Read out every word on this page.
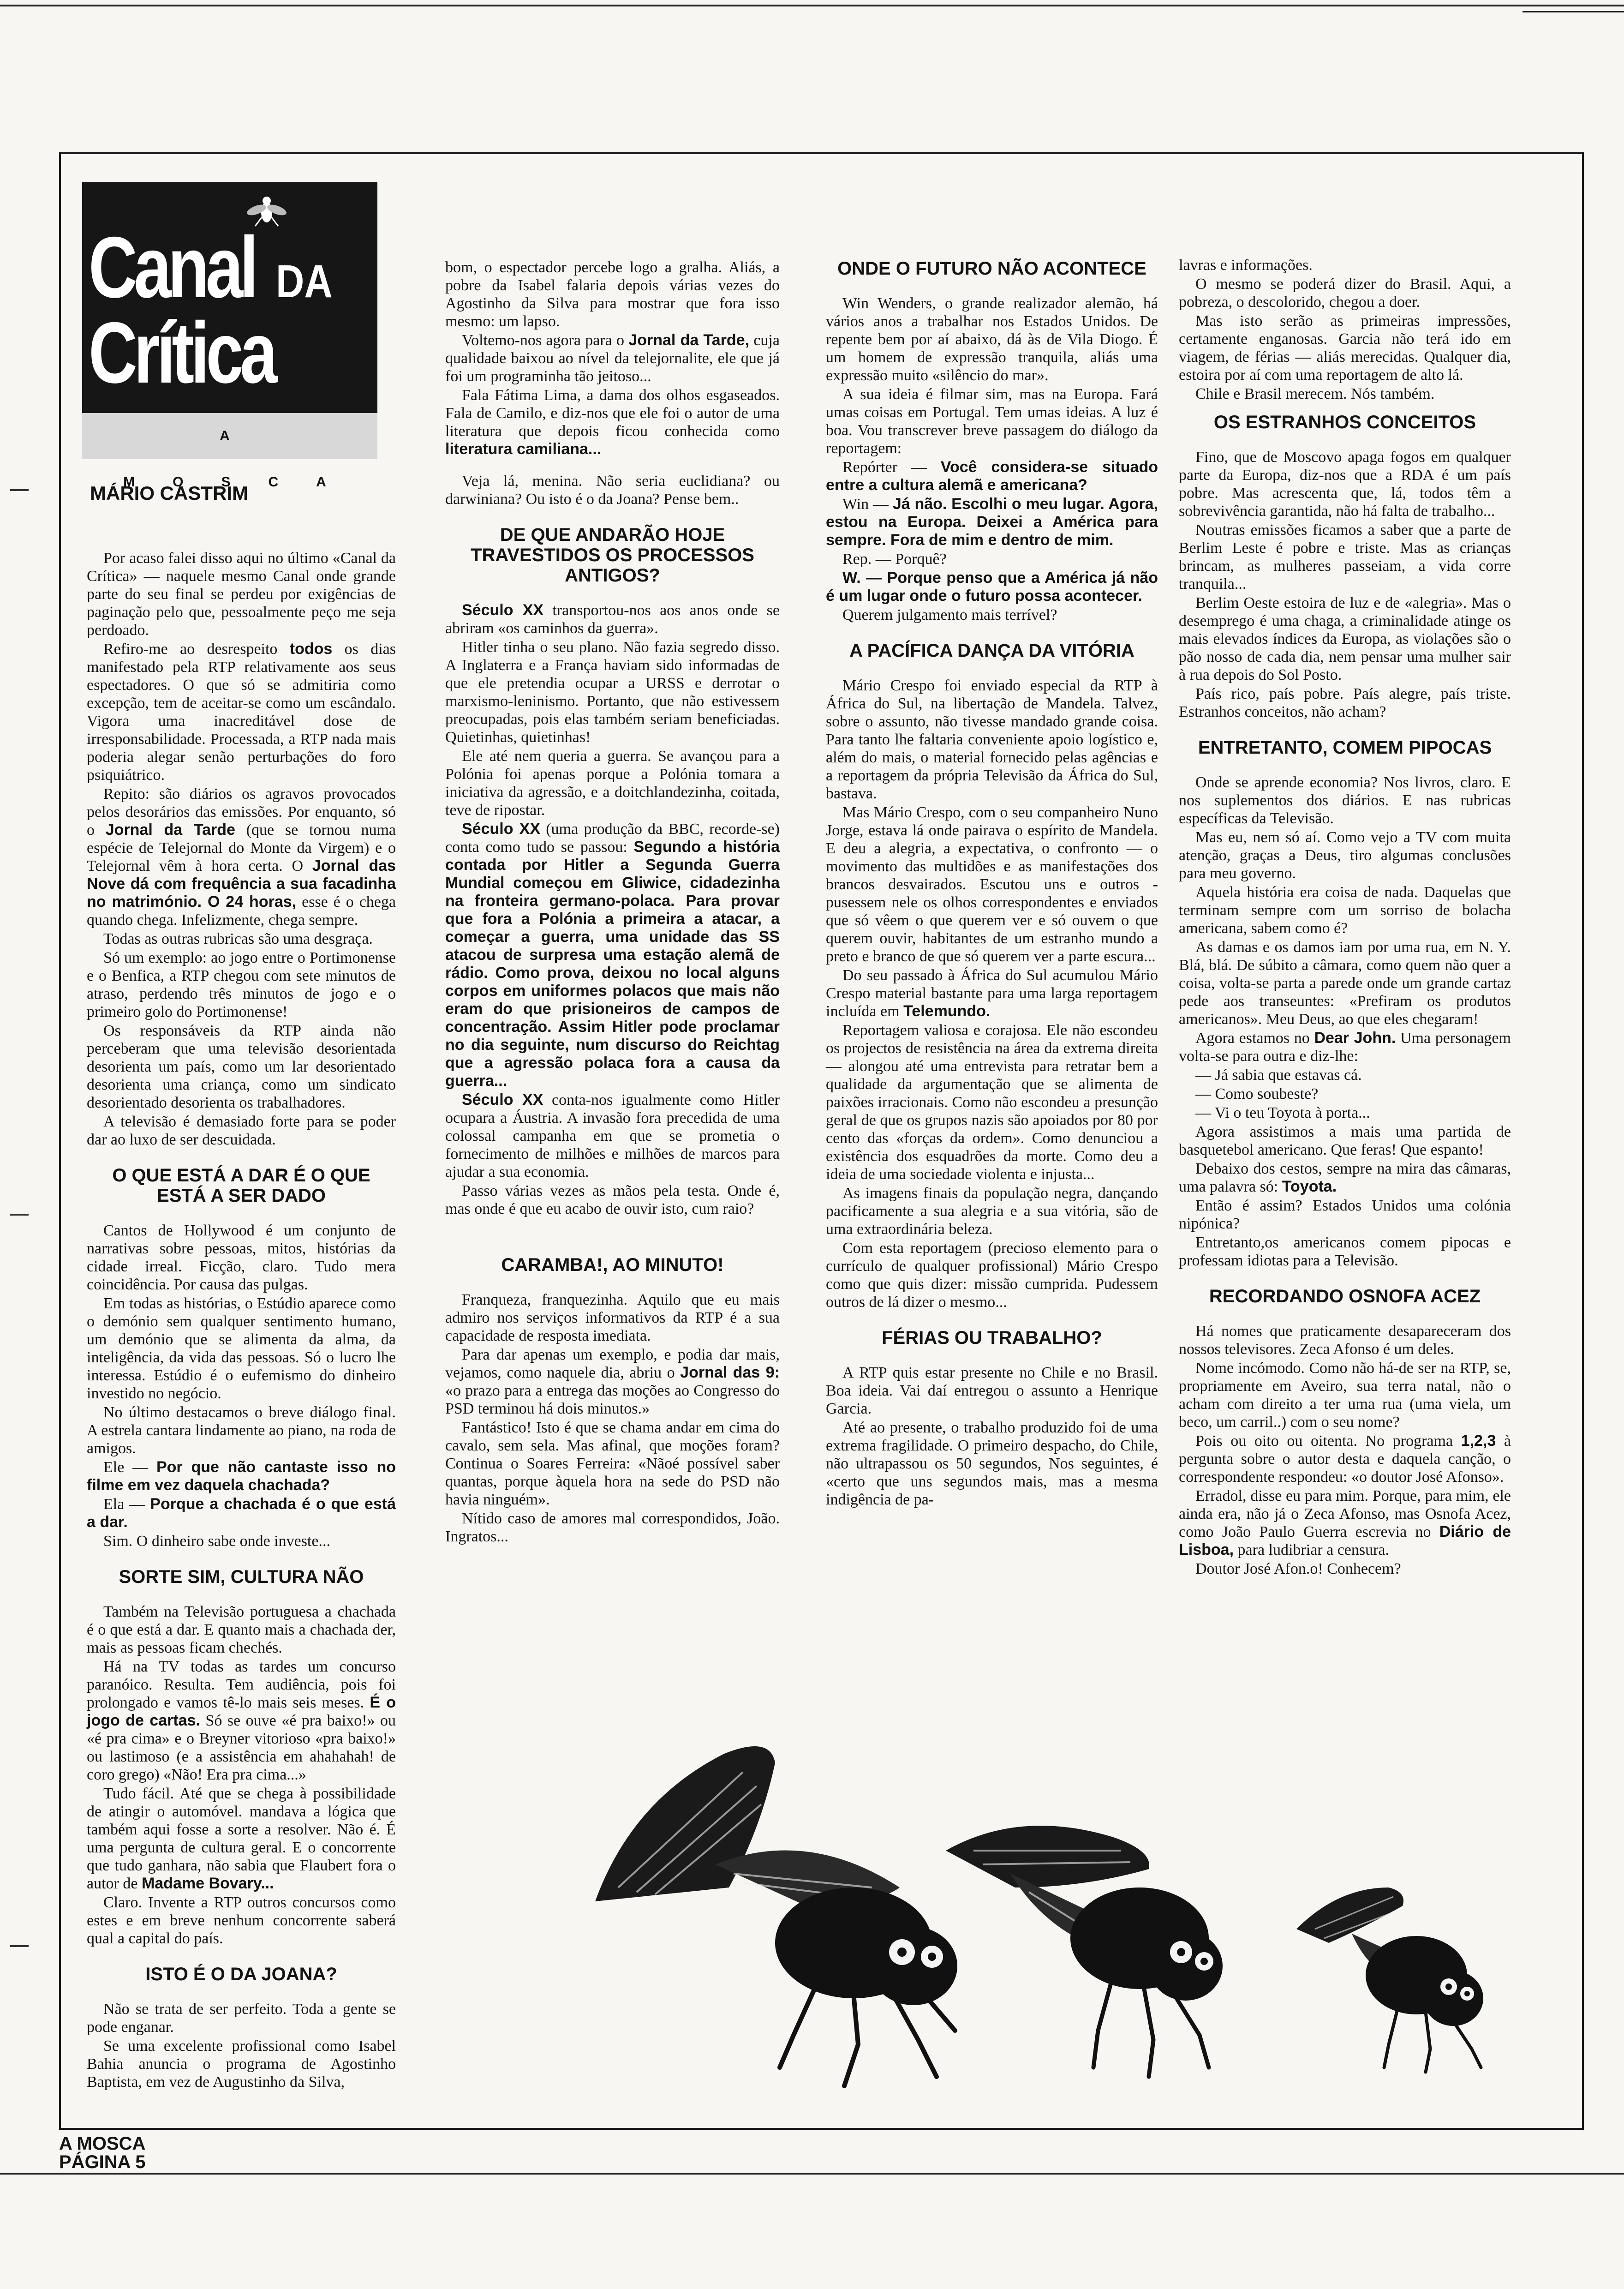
Canal DA
Crítica
A MOSCA
MÁRIO CASTRIM

Por acaso falei disso aqui no último «Canal da Crítica» — naquele mesmo Canal onde grande parte do seu final se perdeu por exigências de paginação pelo que, pessoalmente peço me seja perdoado.

Refiro-me ao desrespeito todos os dias manifestado pela RTP relativamente aos seus espectadores. O que só se admitiria como excepção, tem de aceitar-se como um escândalo. Vigora uma inacreditável dose de irresponsabilidade. Processada, a RTP nada mais poderia alegar senão perturbações do foro psiquiátrico.

Repito: são diários os agravos provocados pelos desorários das emissões. Por enquanto, só o Jornal da Tarde (que se tornou numa espécie de Telejornal do Monte da Virgem) e o Telejornal vêm à hora certa. O Jornal das Nove dá com frequência a sua facadinha no matrimónio. O 24 horas, esse é o chega quando chega. Infelizmente, chega sempre.

Todas as outras rubricas são uma desgraça.

Só um exemplo: ao jogo entre o Portimonense e o Benfica, a RTP chegou com sete minutos de atraso, perdendo três minutos de jogo e o primeiro golo do Portimonense!

Os responsáveis da RTP ainda não perceberam que uma televisão desorientada desorienta um país, como um lar desorientado desorienta uma criança, como um sindicato desorientado desorienta os trabalhadores.

A televisão é demasiado forte para se poder dar ao luxo de ser descuidada.

O QUE ESTÁ A DAR É O QUE ESTÁ A SER DADO

Cantos de Hollywood é um conjunto de narrativas sobre pessoas, mitos, histórias da cidade irreal. Ficção, claro. Tudo mera coincidência. Por causa das pulgas.

Em todas as histórias, o Estúdio aparece como o demónio sem qualquer sentimento humano, um demónio que se alimenta da alma, da inteligência, da vida das pessoas. Só o lucro lhe interessa. Estúdio é o eufemismo do dinheiro investido no negócio.

No último destacamos o breve diálogo final. A estrela cantara lindamente ao piano, na roda de amigos.

Ele — Por que não cantaste isso no filme em vez daquela chachada?

Ela — Porque a chachada é o que está a dar.

Sim. O dinheiro sabe onde investe...

SORTE SIM, CULTURA NÃO

Também na Televisão portuguesa a chachada é o que está a dar. E quanto mais a chachada der, mais as pessoas ficam chechés.

Há na TV todas as tardes um concurso paranóico. Resulta. Tem audiência, pois foi prolongado e vamos tê-lo mais seis meses. É o jogo de cartas. Só se ouve «é pra baixo!» ou «é pra cima» e o Breyner vitorioso «pra baixo!» ou lastimoso (e a assistência em ahahahah! de coro grego) «Não! Era pra cima...»

Tudo fácil. Até que se chega à possibilidade de atingir o automóvel. mandava a lógica que também aqui fosse a sorte a resolver. Não é. É uma pergunta de cultura geral. E o concorrente que tudo ganhara, não sabia que Flaubert fora o autor de Madame Bovary...

Claro. Invente a RTP outros concursos como estes e em breve nenhum concorrente saberá qual a capital do país.

ISTO É O DA JOANA?

Não se trata de ser perfeito. Toda a gente se pode enganar.

Se uma excelente profissional como Isabel Bahia anuncia o programa de Agostinho Baptista, em vez de Augustinho da Silva,

bom, o espectador percebe logo a gralha. Aliás, a pobre da Isabel falaria depois várias vezes do Agostinho da Silva para mostrar que fora isso mesmo: um lapso.

Voltemo-nos agora para o Jornal da Tarde, cuja qualidade baixou ao nível da telejornalite, ele que já foi um programinha tão jeitoso...

Fala Fátima Lima, a dama dos olhos esgaseados. Fala de Camilo, e diz-nos que ele foi o autor de uma literatura que depois ficou conhecida como literatura camiliana...

Veja lá, menina. Não seria euclidiana? ou darwiniana? Ou isto é o da Joana? Pense bem..

DE QUE ANDARÃO HOJE TRAVESTIDOS OS PROCESSOS ANTIGOS?

Século XX transportou-nos aos anos onde se abriram «os caminhos da guerra».

Hitler tinha o seu plano. Não fazia segredo disso. A Inglaterra e a França haviam sido informadas de que ele pretendia ocupar a URSS e derrotar o marxismo-leninismo. Portanto, que não estivessem preocupadas, pois elas também seriam beneficiadas. Quietinhas, quietinhas!

Ele até nem queria a guerra. Se avançou para a Polónia foi apenas porque a Polónia tomara a iniciativa da agressão, e a doitchlandezinha, coitada, teve de ripostar.

Século XX (uma produção da BBC, recorde-se) conta como tudo se passou: Segundo a história contada por Hitler a Segunda Guerra Mundial começou em Gliwice, cidadezinha na fronteira germano-polaca. Para provar que fora a Polónia a primeira a atacar, a começar a guerra, uma unidade das SS atacou de surpresa uma estação alemã de rádio. Como prova, deixou no local alguns corpos em uniformes polacos que mais não eram do que prisioneiros de campos de concentração. Assim Hitler pode proclamar no dia seguinte, num discurso do Reichtag que a agressão polaca fora a causa da guerra...

Século XX conta-nos igualmente como Hitler ocupara a Áustria. A invasão fora precedida de uma colossal campanha em que se prometia o fornecimento de milhões e milhões de marcos para ajudar a sua economia.

Passo várias vezes as mãos pela testa. Onde é, mas onde é que eu acabo de ouvir isto, cum raio?

CARAMBA!, AO MINUTO!

Franqueza, franquezinha. Aquilo que eu mais admiro nos serviços informativos da RTP é a sua capacidade de resposta imediata.

Para dar apenas um exemplo, e podia dar mais, vejamos, como naquele dia, abriu o Jornal das 9: «o prazo para a entrega das moções ao Congresso do PSD terminou há dois minutos.»

Fantástico! Isto é que se chama andar em cima do cavalo, sem sela. Mas afinal, que moções foram? Continua o Soares Ferreira: «Nãoé possível saber quantas, porque àquela hora na sede do PSD não havia ninguém».

Nítido caso de amores mal correspondidos, João. Ingratos...

ONDE O FUTURO NÃO ACONTECE

Win Wenders, o grande realizador alemão, há vários anos a trabalhar nos Estados Unidos. De repente bem por aí abaixo, dá às de Vila Diogo. É um homem de expressão tranquila, aliás uma expressão muito «silêncio do mar».

A sua ideia é filmar sim, mas na Europa. Fará umas coisas em Portugal. Tem umas ideias. A luz é boa. Vou transcrever breve passagem do diálogo da reportagem:

Repórter — Você considera-se situado entre a cultura alemã e americana?

Win — Já não. Escolhi o meu lugar. Agora, estou na Europa. Deixei a América para sempre. Fora de mim e dentro de mim.

Rep. — Porquê?

W. — Porque penso que a América já não é um lugar onde o futuro possa acontecer.

Querem julgamento mais terrível?

A PACÍFICA DANÇA DA VITÓRIA

Mário Crespo foi enviado especial da RTP à África do Sul, na libertação de Mandela. Talvez, sobre o assunto, não tivesse mandado grande coisa. Para tanto lhe faltaria conveniente apoio logístico e, além do mais, o material fornecido pelas agências e a reportagem da própria Televisão da África do Sul, bastava.

Mas Mário Crespo, com o seu companheiro Nuno Jorge, estava lá onde pairava o espírito de Mandela. E deu a alegria, a expectativa, o confronto — o movimento das multidões e as manifestações dos brancos desvairados. Escutou uns e outros - pusessem nele os olhos correspondentes e enviados que só vêem o que querem ver e só ouvem o que querem ouvir, habitantes de um estranho mundo a preto e branco de que só querem ver a parte escura...

Do seu passado à África do Sul acumulou Mário Crespo material bastante para uma larga reportagem incluída em Telemundo.

Reportagem valiosa e corajosa. Ele não escondeu os projectos de resistência na área da extrema direita — alongou até uma entrevista para retratar bem a qualidade da argumentação que se alimenta de paixões irracionais. Como não escondeu a presunção geral de que os grupos nazis são apoiados por 80 por cento das «forças da ordem». Como denunciou a existência dos esquadrões da morte. Como deu a ideia de uma sociedade violenta e injusta...

As imagens finais da população negra, dançando pacificamente a sua alegria e a sua vitória, são de uma extraordinária beleza.

Com esta reportagem (precioso elemento para o currículo de qualquer profissional) Mário Crespo como que quis dizer: missão cumprida. Pudessem outros de lá dizer o mesmo...

FÉRIAS OU TRABALHO?

A RTP quis estar presente no Chile e no Brasil. Boa ideia. Vai daí entregou o assunto a Henrique Garcia.

Até ao presente, o trabalho produzido foi de uma extrema fragilidade. O primeiro despacho, do Chile, não ultrapassou os 50 segundos, Nos seguintes, é «certo que uns segundos mais, mas a mesma indigência de pa-

lavras e informações.

O mesmo se poderá dizer do Brasil. Aqui, a pobreza, o descolorido, chegou a doer.

Mas isto serão as primeiras impressões, certamente enganosas. Garcia não terá ido em viagem, de férias — aliás merecidas. Qualquer dia, estoira por aí com uma reportagem de alto lá.

Chile e Brasil merecem. Nós também.

OS ESTRANHOS CONCEITOS

Fino, que de Moscovo apaga fogos em qualquer parte da Europa, diz-nos que a RDA é um país pobre. Mas acrescenta que, lá, todos têm a sobrevivência garantida, não há falta de trabalho...

Noutras emissões ficamos a saber que a parte de Berlim Leste é pobre e triste. Mas as crianças brincam, as mulheres passeiam, a vida corre tranquila...

Berlim Oeste estoira de luz e de «alegria». Mas o desemprego é uma chaga, a criminalidade atinge os mais elevados índices da Europa, as violações são o pão nosso de cada dia, nem pensar uma mulher sair à rua depois do Sol Posto.

País rico, país pobre. País alegre, país triste. Estranhos conceitos, não acham?

ENTRETANTO, COMEM PIPOCAS

Onde se aprende economia? Nos livros, claro. E nos suplementos dos diários. E nas rubricas específicas da Televisão.

Mas eu, nem só aí. Como vejo a TV com muita atenção, graças a Deus, tiro algumas conclusões para meu governo.

Aquela história era coisa de nada. Daquelas que terminam sempre com um sorriso de bolacha americana, sabem como é?

As damas e os damos iam por uma rua, em N. Y. Blá, blá. De súbito a câmara, como quem não quer a coisa, volta-se parta a parede onde um grande cartaz pede aos transeuntes: «Prefiram os produtos americanos». Meu Deus, ao que eles chegaram!

Agora estamos no Dear John. Uma personagem volta-se para outra e diz-lhe:

— Já sabia que estavas cá.

— Como soubeste?

— Vi o teu Toyota à porta...

Agora assistimos a mais uma partida de basquetebol americano. Que feras! Que espanto!

Debaixo dos cestos, sempre na mira das câmaras, uma palavra só: Toyota.

Então é assim? Estados Unidos uma colónia nipónica?

Entretanto,os americanos comem pipocas e professam idiotas para a Televisão.

RECORDANDO OSNOFA ACEZ

Há nomes que praticamente desapareceram dos nossos televisores. Zeca Afonso é um deles.

Nome incómodo. Como não há-de ser na RTP, se, propriamente em Aveiro, sua terra natal, não o acham com direito a ter uma rua (uma viela, um beco, um carril..) com o seu nome?

Pois ou oito ou oitenta. No programa 1,2,3 à pergunta sobre o autor desta e daquela canção, o correspondente respondeu: «o doutor José Afonso».

Erradol, disse eu para mim. Porque, para mim, ele ainda era, não já o Zeca Afonso, mas Osnofa Acez, como João Paulo Guerra escrevia no Diário de Lisboa, para ludibriar a censura.

Doutor José Afon.o! Conhecem?

A MOSCA
PÁGINA 5
